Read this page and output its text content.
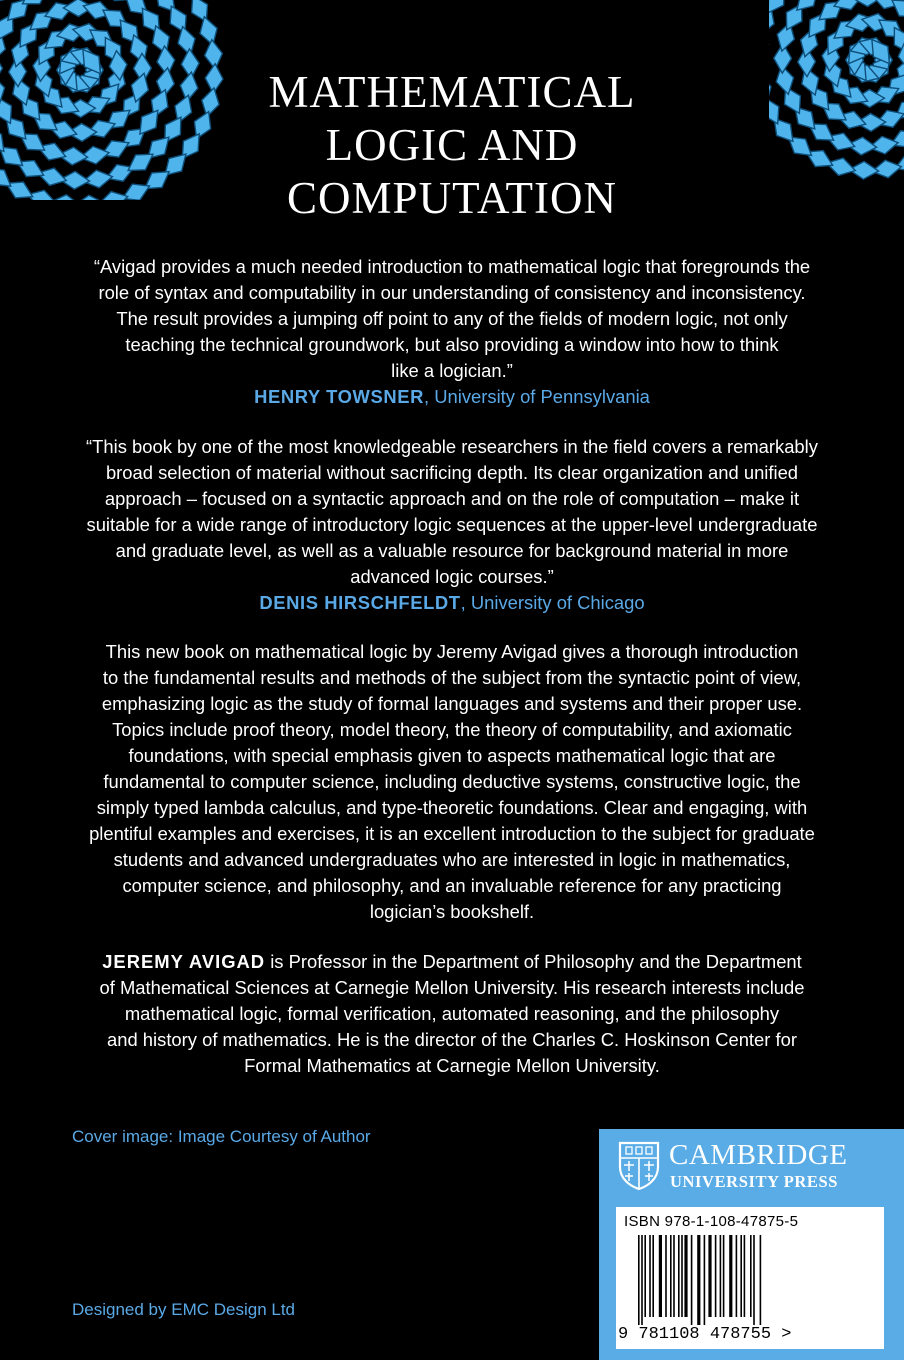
MATHEMATICAL
LOGIC AND
COMPUTATION
“Avigad provides a much needed introduction to mathematical logic that foregrounds the
role of syntax and computability in our understanding of consistency and inconsistency.
The result provides a jumping off point to any of the fields of modern logic, not only
teaching the technical groundwork, but also providing a window into how to think
like a logician.”
HENRY TOWSNER, University of Pennsylvania
“This book by one of the most knowledgeable researchers in the field covers a remarkably
broad selection of material without sacrificing depth. Its clear organization and unified
approach – focused on a syntactic approach and on the role of computation – make it
suitable for a wide range of introductory logic sequences at the upper-level undergraduate
and graduate level, as well as a valuable resource for background material in more
advanced logic courses.”
DENIS HIRSCHFELDT, University of Chicago
This new book on mathematical logic by Jeremy Avigad gives a thorough introduction
to the fundamental results and methods of the subject from the syntactic point of view,
emphasizing logic as the study of formal languages and systems and their proper use.
Topics include proof theory, model theory, the theory of computability, and axiomatic
foundations, with special emphasis given to aspects mathematical logic that are
fundamental to computer science, including deductive systems, constructive logic, the
simply typed lambda calculus, and type-theoretic foundations. Clear and engaging, with
plentiful examples and exercises, it is an excellent introduction to the subject for graduate
students and advanced undergraduates who are interested in logic in mathematics,
computer science, and philosophy, and an invaluable reference for any practicing
logician’s bookshelf.
JEREMY AVIGAD is Professor in the Department of Philosophy and the Department
of Mathematical Sciences at Carnegie Mellon University. His research interests include
mathematical logic, formal verification, automated reasoning, and the philosophy
and history of mathematics. He is the director of the Charles C. Hoskinson Center for
Formal Mathematics at Carnegie Mellon University.

Cover image: Image Courtesy of Author

Designed by EMC Design Ltd

CAMBRIDGE

UNIVERSITY PRESS

ISBN 978-1-108-47875-5

9 781108 478755 >
